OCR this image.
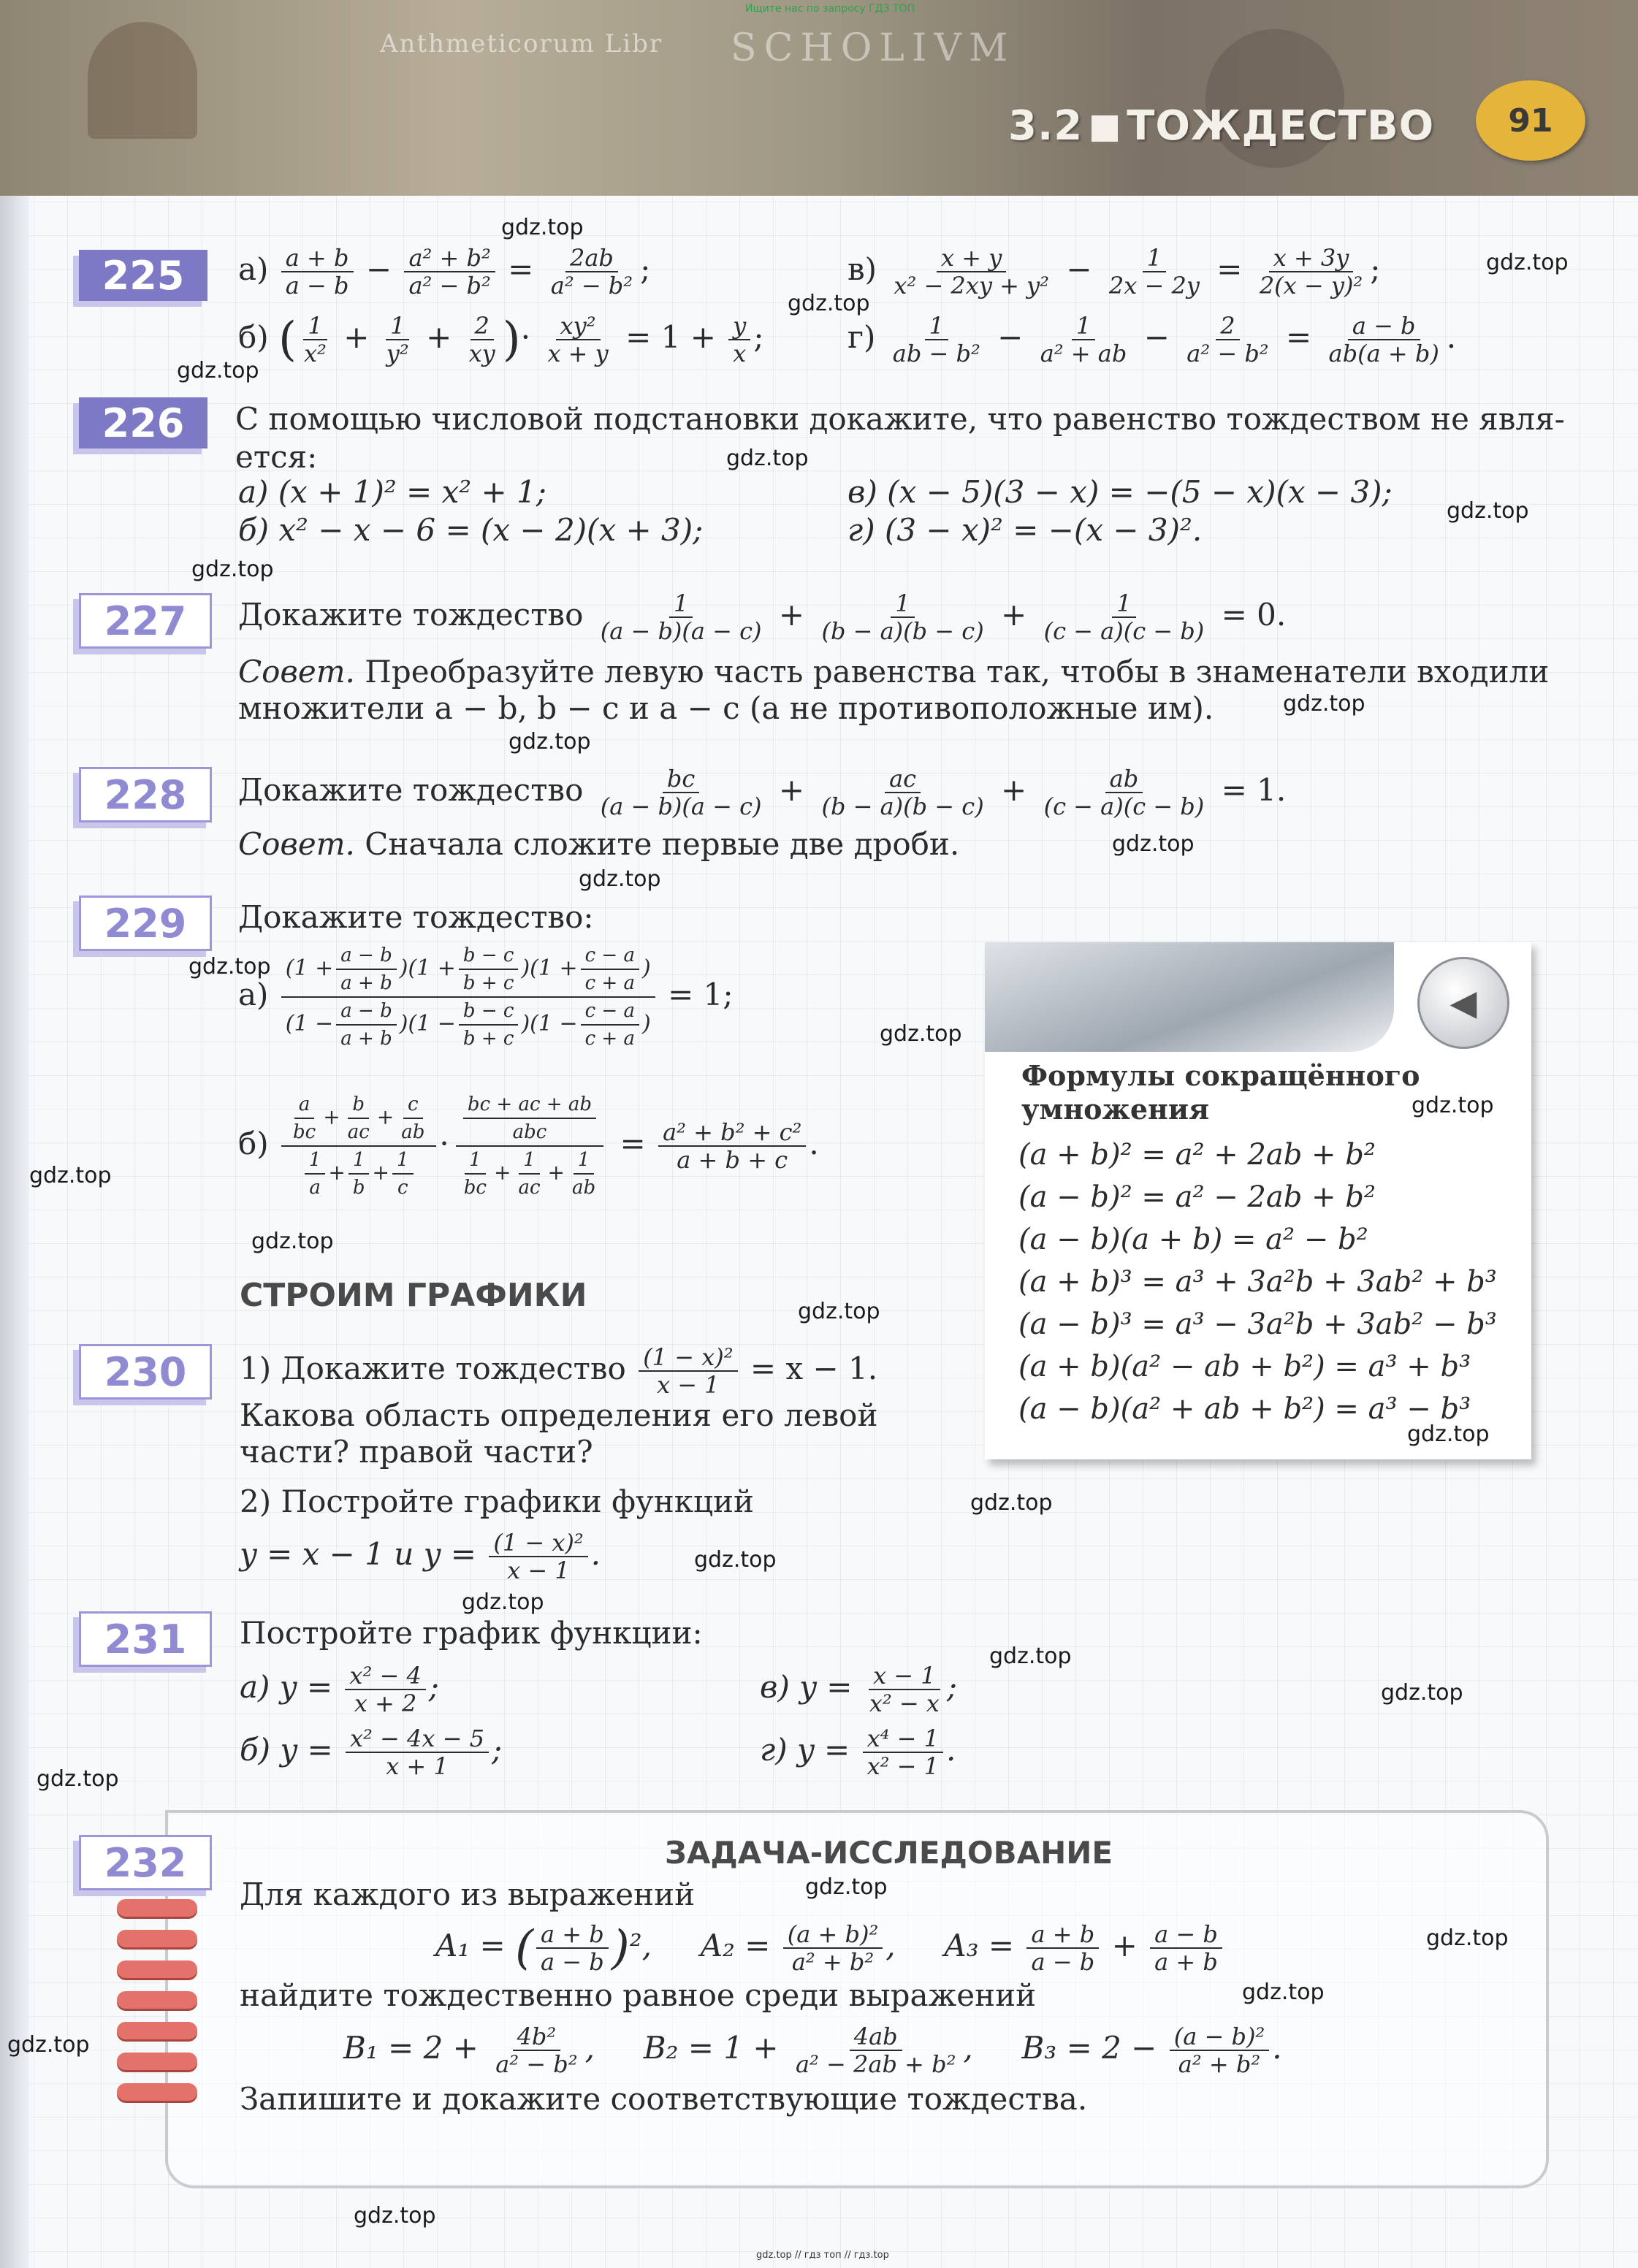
Anthmeticorum Libr SCHOLIVM
3.2 ТОЖДЕСТВО	91
Ищите нас по запросу ГДЗ ТОП
225	$а) \frac{a + b}{a - b} - \frac{\text{a² + b²}}{\text{a² − b²}} = \frac{2ab}{\text{a² − b²}}$ ;	$в) \frac{x + y}{\text{x² − 2xy + y²}} - \frac{1}{2x - 2y} = \frac{x + 3y}{\text{2(x − y)²}}$ ;
б) ( $\frac{1}{\text{x²}} + \frac{1}{\text{y²}} + \frac{2}{xy}$ )· $\frac{\text{xy²}}{x + y} = 1 + \frac{y}{x}$ ;	$г) \frac{1}{\text{ab − b²}} - \frac{1}{\text{a² + ab}} - \frac{2}{\text{a² − b²}} = \frac{a - b}{ab(a + b)}$ .
226	С помощью числовой подстановки докажите, что равенство тождеством не явля-
ется:
а) (x + 1)² = x² + 1;
б) x² − x − 6 = (x − 2)(x + 3);
в) (x − 5)(3 − x) = −(5 − x)(x − 3);
г) (3 − x)² = −(x − 3)².
227	Докажите тождество $\frac{1}{(a - b)(a - c)} + \frac{1}{(b - a)(b - c)} + \frac{1}{(c - a)(c - b)} = 0$.
Совет. Преобразуйте левую часть равенства так, чтобы в знаменатели входили
множители a − b, b − c и a − c (а не противоположные им).
228	Докажите тождество $\frac{bc}{(a - b)(a - c)} + \frac{ac}{(b - a)(b - c)} + \frac{ab}{(c - a)(c - b)} = 1$.
Совет. Сначала сложите первые две дроби.
229	Докажите тождество:
$а) \frac{(1 + \frac{a - b}{a + b} )(1 + \frac{b - c}{b + c} )(1 + \frac{c - a}{c + a} )}{(1 - \frac{a - b}{a + b} )(1 - \frac{b - c}{b + c} )(1 - \frac{c - a}{c + a} )} = 1$;
$б) \frac{a}{bc} + \frac{b}{ac} + \frac{c}{ab}$
$\frac{1}{a} + \frac{1}{b} + \frac{1}{c}$
·
bc + ac + ab
abc
$\frac{1}{bc} + \frac{1}{ac} + \frac{1}{ab}$
= $\frac{\text{a² + b² + c²}}{a + b + c}$ .
◀
Формулы сокращённого
умножения
(a + b)² = a² + 2ab + b²
(a − b)² = a² − 2ab + b²
(a − b)(a + b) = a² − b²
(a + b)³ = a³ + 3a²b + 3ab² + b³
(a − b)³ = a³ − 3a²b + 3ab² − b³
(a + b)(a² − ab + b²) = a³ + b³
(a − b)(a² + ab + b²) = a³ − b³
СТРОИМ ГРАФИКИ
230	1) Докажите тождество $\frac{\text{(1 − x)²}}{x - 1} = x - 1$.
Какова область определения его левой
части? правой части?
2) Постройте графики функций
y = x − 1 и $y = \frac{\text{(1 − x)²}}{x - 1}$ .
231	Постройте график функции:
а) $y = \frac{\text{x² − 4}}{x + 2}$ ;
б) $y = \frac{\text{x² − 4x − 5}}{x + 1}$ ;
в) $y = \frac{x - 1}{\text{x² − x}}$ ;
г) $y = \frac{\text{x⁴ − 1}}{\text{x² − 1}}$ .
232	ЗАДАЧА-ИССЛЕДОВАНИЕ
Для каждого из выражений
A₁ = ( $\frac{a + b}{a - b} )^2$, $A_2 = \frac{\text{(a + b)²}}{\text{a² + b²}}$ , $A_3 = \frac{a + b}{a - b} + \frac{a - b}{a + b}$
найдите тождественно равное среди выражений
$B_1 = 2 + \frac{\text{4b²}}{\text{a² − b²}}$ , $B_2 = 1 + \frac{4ab}{\text{a² − 2ab + b²}}$ , $B_3 = 2 - \frac{\text{(a − b)²}}{\text{a² + b²}}$ .
Запишите и докажите соответствующие тождества.
gdz.top
gdz.top
gdz.top
gdz.top
gdz.top
gdz.top
gdz.top
gdz.top
gdz.top
gdz.top
gdz.top
gdz.top
gdz.top
gdz.top
gdz.top
gdz.top
gdz.top
gdz.top
gdz.top
gdz.top
gdz.top
gdz.top
gdz.top
gdz.top
gdz.top
gdz.top
gdz.top
gdz.top
gdz.top
gdz.top // гдз топ // гдз.top
